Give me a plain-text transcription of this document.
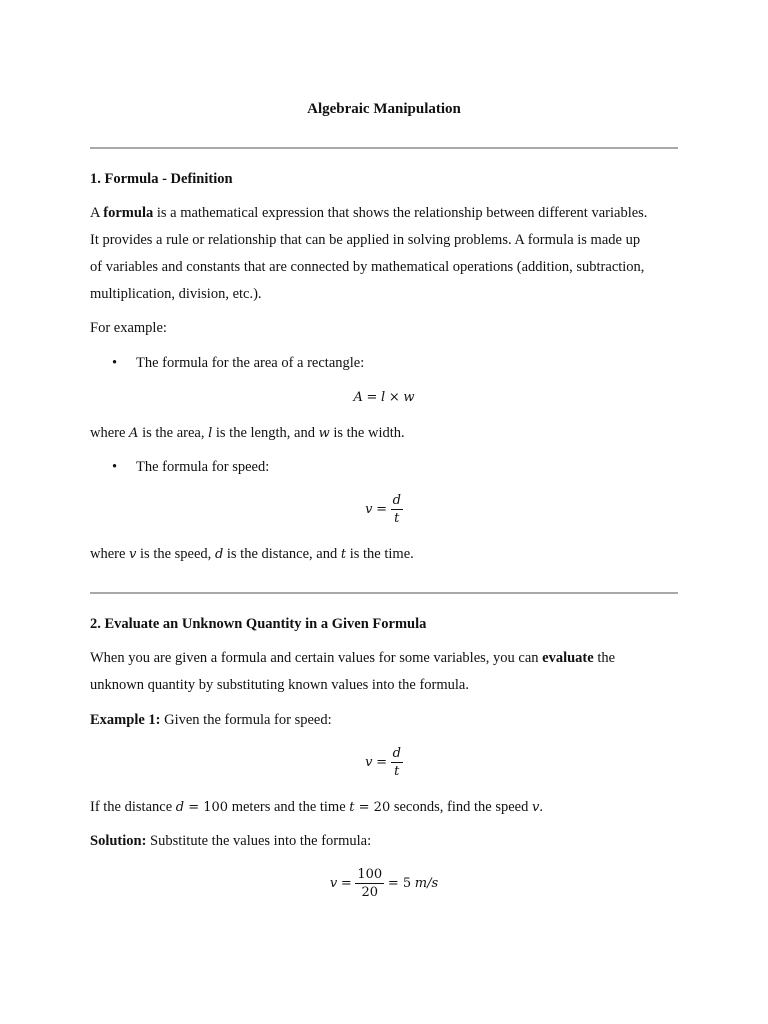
Algebraic Manipulation
1. Formula - Definition
A formula is a mathematical expression that shows the relationship between different variables.
It provides a rule or relationship that can be applied in solving problems. A formula is made up
of variables and constants that are connected by mathematical operations (addition, subtraction,
multiplication, division, etc.).
For example:
• The formula for the area of a rectangle:
A = l × w
where A is the area, l is the length, and w is the width.
• The formula for speed:
$v = \frac{d}{t}$
where v is the speed, d is the distance, and t is the time.
2. Evaluate an Unknown Quantity in a Given Formula
When you are given a formula and certain values for some variables, you can evaluate the
unknown quantity by substituting known values into the formula.
Example 1: Given the formula for speed:
$v = \frac{d}{t}$
If the distance d = 100 meters and the time t = 20 seconds, find the speed v.
Solution: Substitute the values into the formula:
$v = \frac{100}{20} = 5$ m/s
